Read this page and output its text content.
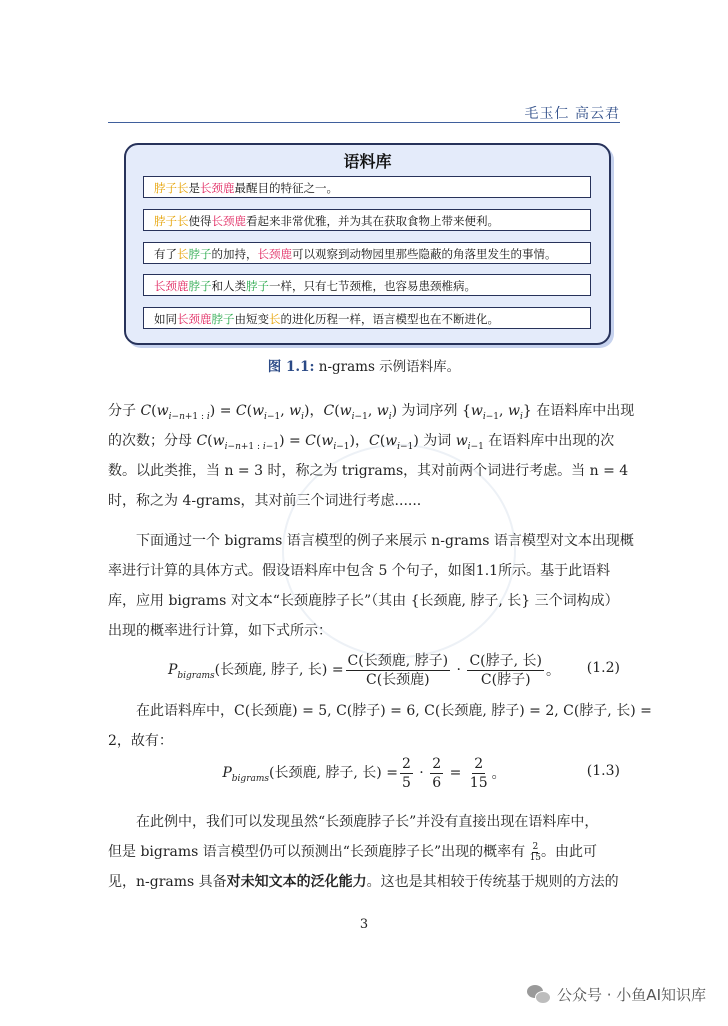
毛玉仁 高云君
语料库
脖子长是长颈鹿最醒目的特征之一。
脖子长使得长颈鹿看起来非常优雅，并为其在获取食物上带来便利。
有了长脖子的加持，长颈鹿可以观察到动物园里那些隐蔽的角落里发生的事情。
长颈鹿脖子和人类脖子一样，只有七节颈椎，也容易患颈椎病。
如同长颈鹿脖子由短变长的进化历程一样，语言模型也在不断进化。
图 1.1: n-grams 示例语料库。
分子 $C(w_{i-n+1 : i}) = C(w_{i-1}$, $w_i$)，$C(w_{i-1}$, $w_i$) 为词序列 {$w_{i-1}$, $w_i$} 在语料库中出现
的次数；分母 $C(w_{i-n+1 : i-1}) = C(w_{i-1})$，$C(w_{i-1})$ 为词 $w_{i-1}$ 在语料库中出现的次
数。以此类推，当 n = 3 时，称之为 trigrams，其对前两个词进行考虑。当 n = 4
时，称之为 4-grams，其对前三个词进行考虑......
下面通过一个 bigrams 语言模型的例子来展示 n-grams 语言模型对文本出现概
率进行计算的具体方式。假设语料库中包含 5 个句子，如图1.1所示。基于此语料
库，应用 bigrams 对文本“长颈鹿脖子长”（其由 {长颈鹿, 脖子, 长} 三个词构成）
出现的概率进行计算，如下式所示：
$P_{bigrams}$(长颈鹿, 脖子, 长) = $\frac{\text{C(长颈鹿, 脖子)}}{\text{C(长颈鹿)}} \cdot \frac{\text{C(脖子, 长)}}{\text{C(脖子)}}$ 。 (1.2)
在此语料库中，C(长颈鹿) = 5, C(脖子) = 6, C(长颈鹿, 脖子) = 2, C(脖子, 长) =
2，故有：
$P_{bigrams}$(长颈鹿, 脖子, 长) = $\frac{2}{5} \cdot \frac{2}{6} = \frac{2}{15}$ 。	(1.3)
在此例中，我们可以发现虽然“长颈鹿脖子长”并没有直接出现在语料库中，
但是 bigrams 语言模型仍可以预测出“长颈鹿脖子长”出现的概率有 $\frac{2}{15}$ 。由此可
见，n-grams 具备对未知文本的泛化能力。这也是其相较于传统基于规则的方法的
3
公众号 · 小鱼AI知识库
